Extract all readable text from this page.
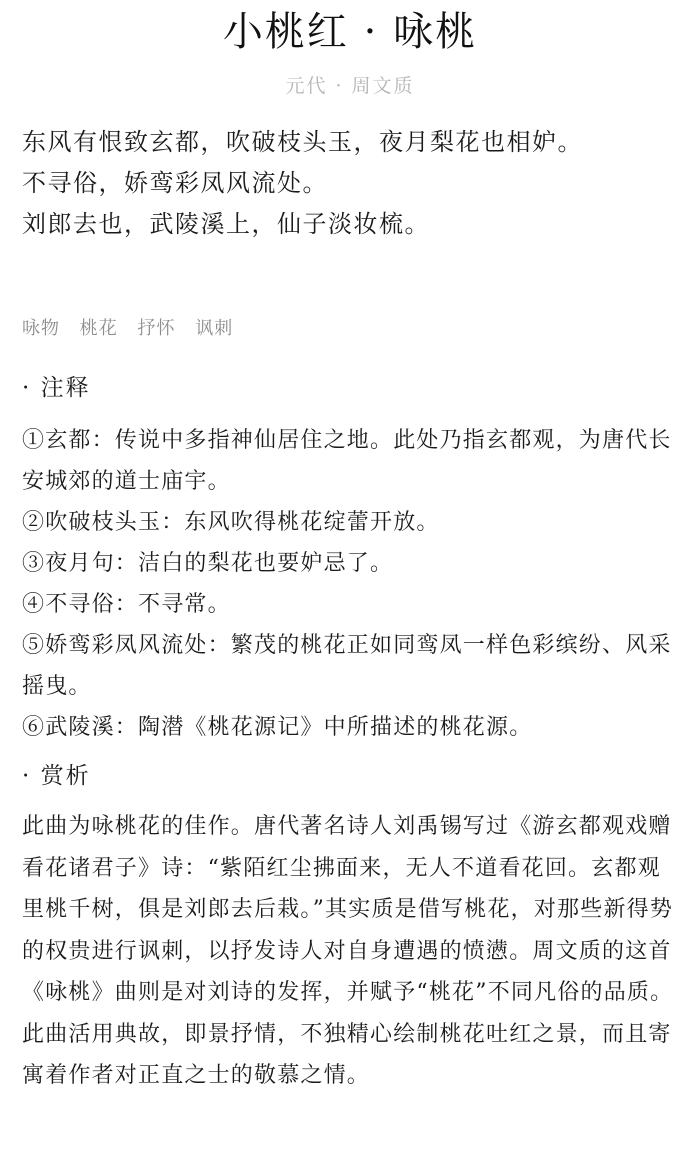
小桃红 · 咏桃
元代 · 周文质
东风有恨致玄都，吹破枝头玉，夜月梨花也相妒。
不寻俗，娇鸾彩凤风流处。
刘郎去也，武陵溪上，仙子淡妆梳。
咏物 桃花 抒怀 讽刺
· 注释
①玄都：传说中多指神仙居住之地。此处乃指玄都观，为唐代长安城郊的道士庙宇。
②吹破枝头玉：东风吹得桃花绽蕾开放。
③夜月句：洁白的梨花也要妒忌了。
④不寻俗：不寻常。
⑤娇鸾彩凤风流处：繁茂的桃花正如同鸾凤一样色彩缤纷、风采摇曳。
⑥武陵溪：陶潜《桃花源记》中所描述的桃花源。
· 赏析

此曲为咏桃花的佳作。唐代著名诗人刘禹锡写过《游玄都观戏赠看花诸君子》诗：“紫陌红尘拂面来，无人不道看花回。玄都观里桃千树，俱是刘郎去后栽。”其实质是借写桃花，对那些新得势的权贵进行讽刺，以抒发诗人对自身遭遇的愤懑。周文质的这首《咏桃》曲则是对刘诗的发挥，并赋予“桃花”不同凡俗的品质。此曲活用典故，即景抒情，不独精心绘制桃花吐红之景，而且寄寓着作者对正直之士的敬慕之情。
